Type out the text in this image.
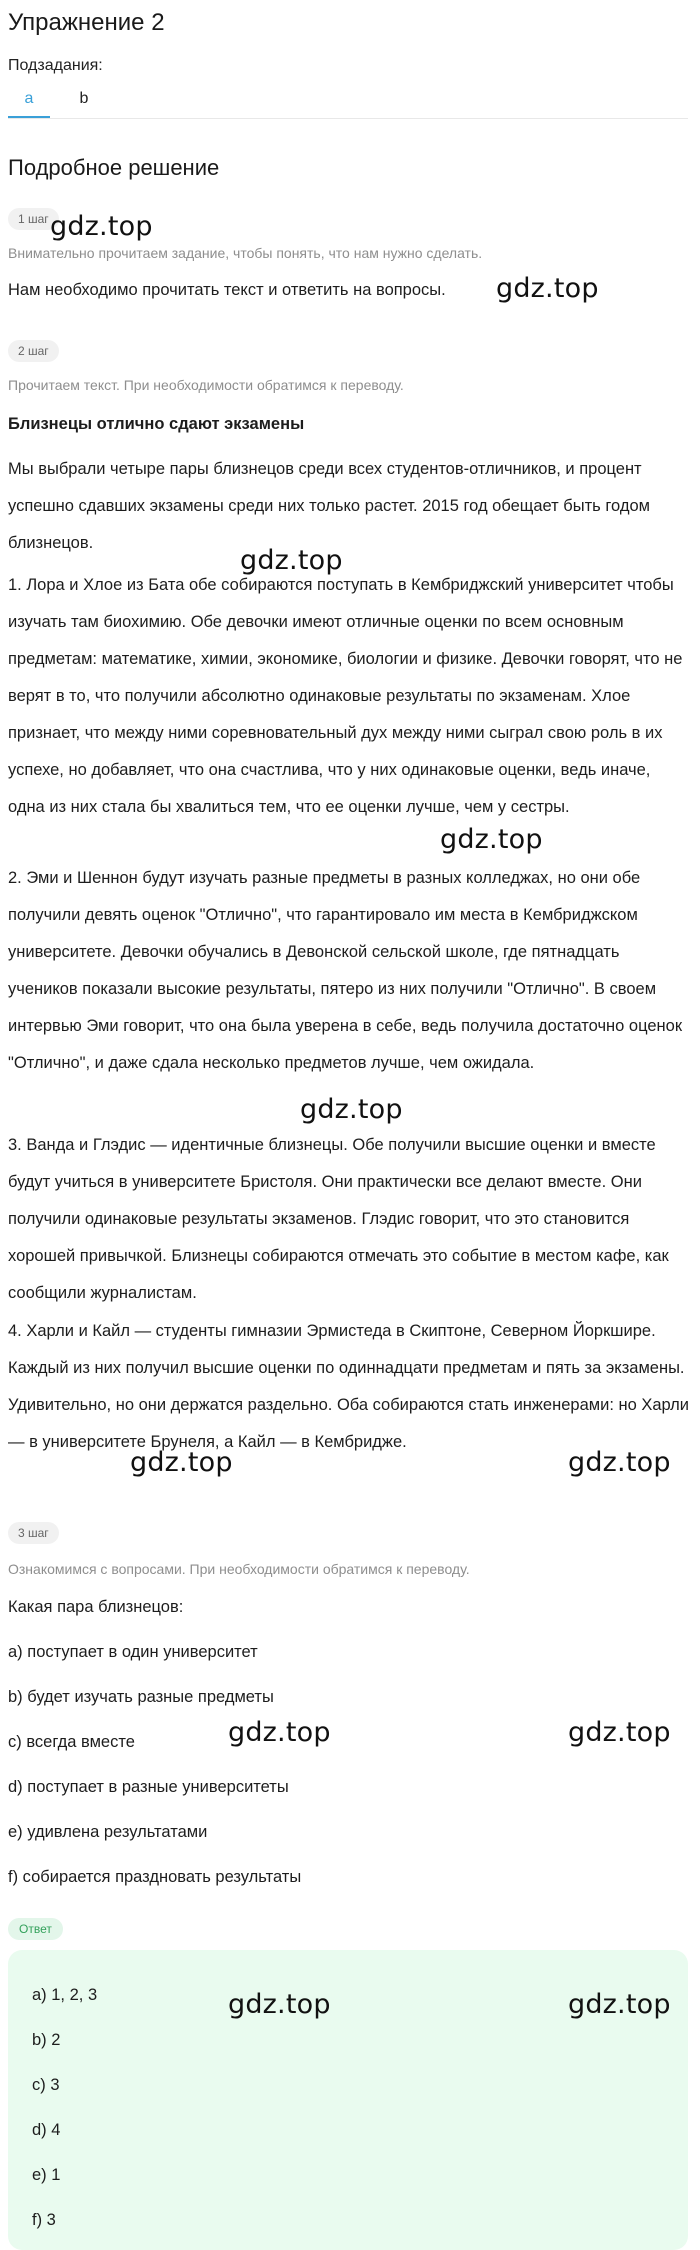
Упражнение 2
Подзадания:
a	b
Подробное решение
1 шаг
Внимательно прочитаем задание, чтобы понять, что нам нужно сделать.
Нам необходимо прочитать текст и ответить на вопросы.
2 шаг
Прочитаем текст. При необходимости обратимся к переводу.
Близнецы отлично сдают экзамены
Мы выбрали четыре пары близнецов среди всех студентов-отличников, и процент успешно сдавших экзамены среди них только растет. 2015 год обещает быть годом близнецов.
1. Лора и Хлое из Бата обе собираются поступать в Кембриджский университет чтобы изучать там биохимию. Обе девочки имеют отличные оценки по всем основным предметам: математике, химии, экономике, биологии и физике. Девочки говорят, что не верят в то, что получили абсолютно одинаковые результаты по экзаменам. Хлое признает, что между ними соревновательный дух между ними сыграл свою роль в их успехе, но добавляет, что она счастлива, что у них одинаковые оценки, ведь иначе, одна из них стала бы хвалиться тем, что ее оценки лучше, чем у сестры.
2. Эми и Шеннон будут изучать разные предметы в разных колледжах, но они обе получили девять оценок "Отлично", что гарантировало им места в Кембриджском университете. Девочки обучались в Девонской сельской школе, где пятнадцать учеников показали высокие результаты, пятеро из них получили "Отлично". В своем интервью Эми говорит, что она была уверена в себе, ведь получила достаточно оценок "Отлично", и даже сдала несколько предметов лучше, чем ожидала.
3. Ванда и Глэдис — идентичные близнецы. Обе получили высшие оценки и вместе будут учиться в университете Бристоля. Они практически все делают вместе. Они получили одинаковые результаты экзаменов. Глэдис говорит, что это становится хорошей привычкой. Близнецы собираются отмечать это событие в местом кафе, как сообщили журналистам.
4. Харли и Кайл — студенты гимназии Эрмистеда в Скиптоне, Северном Йоркшире. Каждый из них получил высшие оценки по одиннадцати предметам и пять за экзамены. Удивительно, но они держатся раздельно. Оба собираются стать инженерами: но Харли — в университете Брунеля, а Кайл — в Кембридже.
3 шаг
Ознакомимся с вопросами. При необходимости обратимся к переводу.
Какая пара близнецов:
a) поступает в один университет
b) будет изучать разные предметы
c) всегда вместе
d) поступает в разные университеты
e) удивлена результатами
f) собирается праздновать результаты
Ответ
a) 1, 2, 3
b) 2
c) 3
d) 4
e) 1
f) 3
gdz.top
gdz.top
gdz.top
gdz.top
gdz.top
gdz.top	gdz.top
gdz.top	gdz.top
gdz.top	gdz.top
